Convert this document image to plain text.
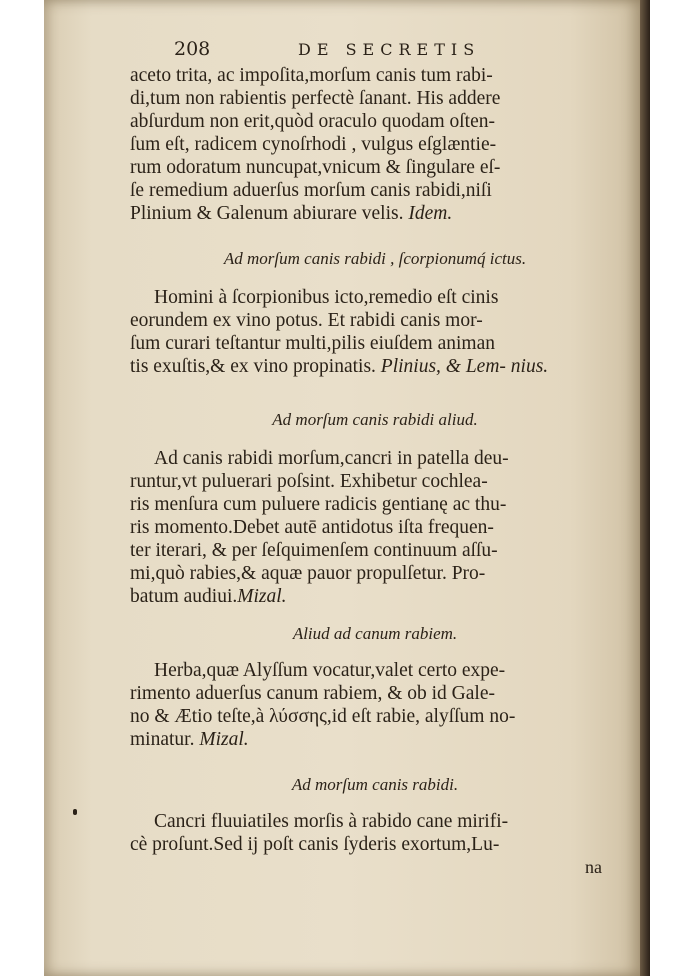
208	DE SECRETIS
aceto trita, ac impoſita,morſum canis tum rabi-
di,tum non rabientis perfectè ſanant. His addere
abſurdum non erit,quòd oraculo quodam oſten-
ſum eſt, radicem cynoſrhodi , vulgus eſglæntie-
rum odoratum nuncupat,vnicum & ſingulare eſ-
ſe remedium aduerſus morſum canis rabidi,niſi
Plinium & Galenum abiurare velis. Idem.
Ad morſum canis rabidi , ſcorpionumq́ ictus.
Homini à ſcorpionibus icto,remedio eſt cinis
eorundem ex vino potus. Et rabidi canis mor-
ſum curari teſtantur multi,pilis eiuſdem animan
tis exuſtis,& ex vino propinatis. Plinius, & Lem- nius.
Ad morſum canis rabidi aliud.
Ad canis rabidi morſum,cancri in patella deu-
runtur,vt puluerari poſsint. Exhibetur cochlea-
ris menſura cum puluere radicis gentianę ac thu-
ris momento.Debet autē antidotus iſta frequen-
ter iterari, & per ſeſquimenſem continuum aſſu-
mi,quò rabies,& aquæ pauor propulſetur. Pro-
batum audiui.Mizal.
Aliud ad canum rabiem.
Herba,quæ Alyſſum vocatur,valet certo expe-
rimento aduerſus canum rabiem, & ob id Gale-
no & Ætio teſte,à λύσσης,id eſt rabie, alyſſum no-
minatur. Mizal.
Ad morſum canis rabidi.
Cancri fluuiatiles morſis à rabido cane mirifi-
cè proſunt.Sed ij poſt canis ſyderis exortum,Lu-
na
